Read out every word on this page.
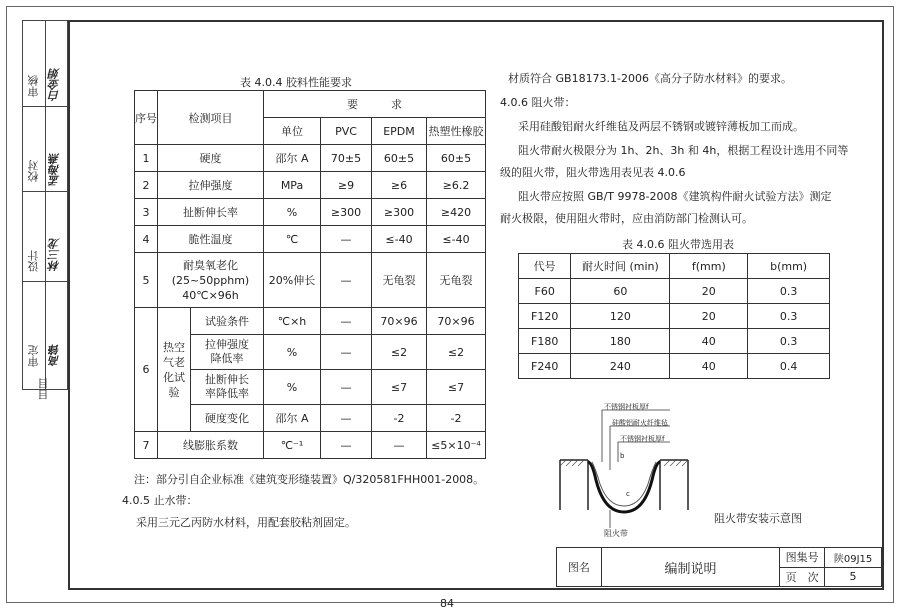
审核 白金娟
校对 孟海燕
设计 林三龙
审定 高锋
目目
表 4.0.4 胶料性能要求
序号	检测项目		要　　　求			
			单位	PVC	EPDM	热塑性橡胶
1	硬度		邵尔 A	70±5	60±5	60±5
2	拉伸强度		MPa	≥9	≥6	≥6.2
3	扯断伸长率		%	≥300	≥300	≥420
4	脆性温度		℃	—	≤-40	≤-40
5	耐臭氧老化 (25~50pphm) 40℃×96h		20%伸长	—	无龟裂	无龟裂
6	热空气老化试验	试验条件	℃×h	—	70×96	70×96
		拉伸强度降低率	%	—	≤2	≤2
		扯断伸长率降低率	%	—	≤7	≤7
		硬度变化	邵尔 A	—	-2	-2
7	线膨胀系数		℃⁻¹	—	—	≤5×10⁻⁴
注：部分引自企业标准《建筑变形缝装置》Q/320581FHH001-2008。
4.0.5 止水带：
采用三元乙丙防水材料，用配套胶粘剂固定。
材质符合 GB18173.1-2006《高分子防水材料》的要求。
4.0.6 阻火带：
采用硅酸铝耐火纤维毡及两层不锈钢或镀锌薄板加工而成。
阻火带耐火极限分为 1h、2h、3h 和 4h，根据工程设计选用不同等
级的阻火带，阻火带选用表见表 4.0.6
阻火带应按照 GB/T 9978-2008《建筑构件耐火试验方法》测定
耐火极限，使用阻火带时，应由消防部门检测认可。
表 4.0.6 阻火带选用表
代号	耐火时间 (min)	f(mm)	b(mm)
F60	60	20	0.3
F120	120	20	0.3
F180	180	40	0.3
F240	240	40	0.4
不锈钢衬板厚f
硅酸铝耐火纤维毡
不锈钢衬板厚f
b
c
阻火带
阻火带安装示意图
图名	编制说明	图集号	陕09J15
		页　次	5
84
